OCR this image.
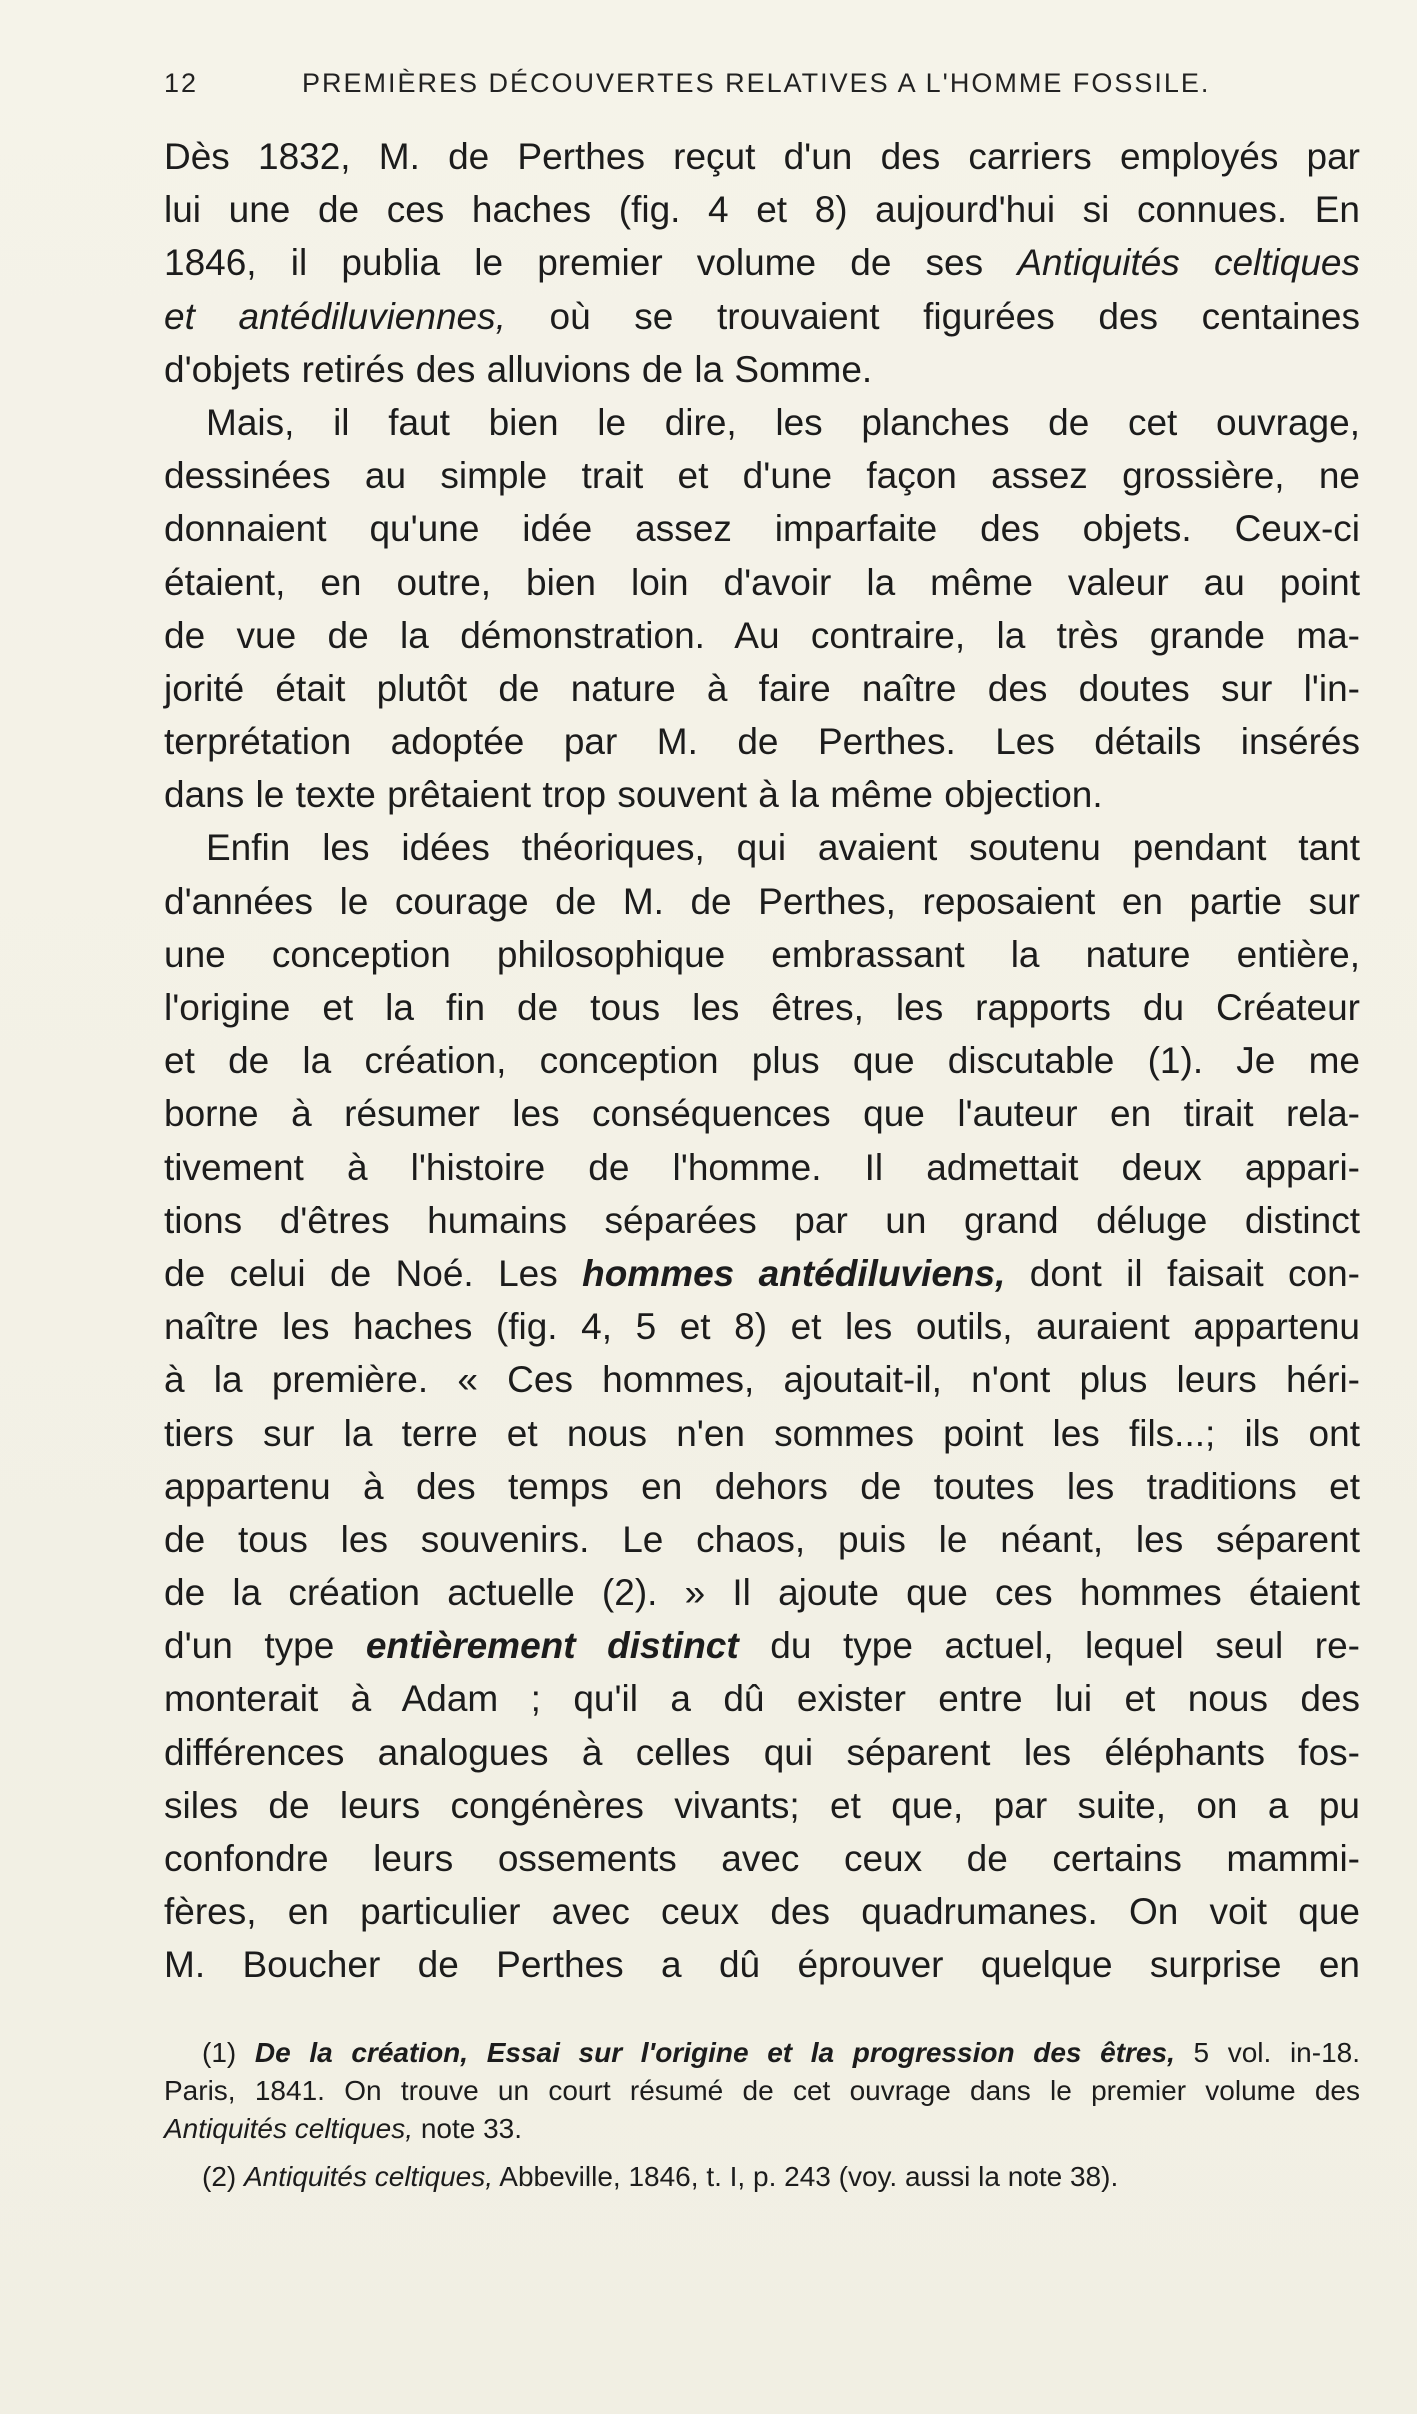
12	PREMIÈRES DÉCOUVERTES RELATIVES A L'HOMME FOSSILE.
Dès 1832, M. de Perthes reçut d'un des carriers employés par
lui une de ces haches (fig. 4 et 8) aujourd'hui si connues. En
1846, il publia le premier volume de ses Antiquités celtiques
et antédiluviennes, où se trouvaient figurées des centaines
d'objets retirés des alluvions de la Somme.
Mais, il faut bien le dire, les planches de cet ouvrage,
dessinées au simple trait et d'une façon assez grossière, ne
donnaient qu'une idée assez imparfaite des objets. Ceux-ci
étaient, en outre, bien loin d'avoir la même valeur au point
de vue de la démonstration. Au contraire, la très grande ma-
jorité était plutôt de nature à faire naître des doutes sur l'in-
terprétation adoptée par M. de Perthes. Les détails insérés
dans le texte prêtaient trop souvent à la même objection.
Enfin les idées théoriques, qui avaient soutenu pendant tant
d'années le courage de M. de Perthes, reposaient en partie sur
une conception philosophique embrassant la nature entière,
l'origine et la fin de tous les êtres, les rapports du Créateur
et de la création, conception plus que discutable (1). Je me
borne à résumer les conséquences que l'auteur en tirait rela-
tivement à l'histoire de l'homme. Il admettait deux appari-
tions d'êtres humains séparées par un grand déluge distinct
de celui de Noé. Les hommes antédiluviens, dont il faisait con-
naître les haches (fig. 4, 5 et 8) et les outils, auraient appartenu
à la première. « Ces hommes, ajoutait-il, n'ont plus leurs héri-
tiers sur la terre et nous n'en sommes point les fils...; ils ont
appartenu à des temps en dehors de toutes les traditions et
de tous les souvenirs. Le chaos, puis le néant, les séparent
de la création actuelle (2). » Il ajoute que ces hommes étaient
d'un type entièrement distinct du type actuel, lequel seul re-
monterait à Adam ; qu'il a dû exister entre lui et nous des
différences analogues à celles qui séparent les éléphants fos-
siles de leurs congénères vivants; et que, par suite, on a pu
confondre leurs ossements avec ceux de certains mammi-
fères, en particulier avec ceux des quadrumanes. On voit que
M. Boucher de Perthes a dû éprouver quelque surprise en
(1) De la création, Essai sur l'origine et la progression des êtres, 5 vol. in-18.
Paris, 1841. On trouve un court résumé de cet ouvrage dans le premier volume des
Antiquités celtiques, note 33.
(2) Antiquités celtiques, Abbeville, 1846, t. I, p. 243 (voy. aussi la note 38).
